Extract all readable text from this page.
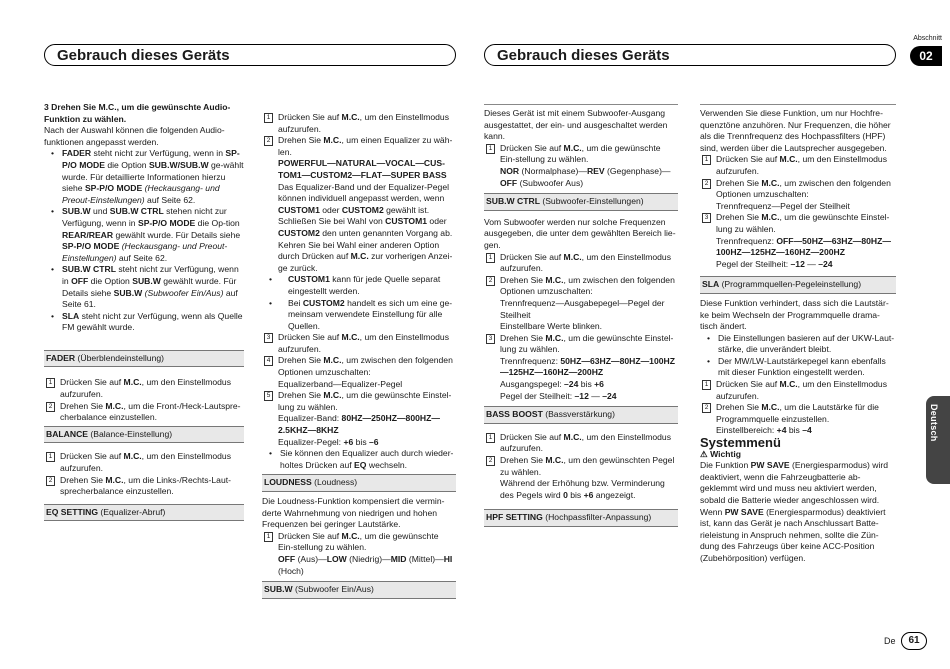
Gebrauch dieses Geräts	Gebrauch dieses Geräts
Abschnitt
02
Deutsch
De	61

3 Drehen Sie M.C., um die gewünschte Audio-Funktion zu wählen.

Nach der Auswahl können die folgenden Audio-funktionen angepasst werden.

• FADER steht nicht zur Verfügung, wenn in SP-P/O MODE die Option SUB.W/SUB.W ge-wählt wurde. Für detaillierte Informationen hierzu siehe SP-P/O MODE (Heckausgang- und Preout-Einstellungen) auf Seite 62.

• SUB.W und SUB.W CTRL stehen nicht zur Verfügung, wenn in SP-P/O MODE die Op-tion REAR/REAR gewählt wurde. Für Details siehe SP-P/O MODE (Heckausgang- und Preout-Einstellungen) auf Seite 62.

• SUB.W CTRL steht nicht zur Verfügung, wenn in OFF die Option SUB.W gewählt wurde. Für Details siehe SUB.W (Subwoofer Ein/Aus) auf Seite 61.

• SLA steht nicht zur Verfügung, wenn als Quelle FM gewählt wurde.

FADER (Überblendeinstellung)

1 Drücken Sie auf M.C., um den Einstellmodus aufzurufen.

2 Drehen Sie M.C., um die Front-/Heck-Lautspre-cherbalance einzustellen.

BALANCE (Balance-Einstellung)

1 Drücken Sie auf M.C., um den Einstellmodus aufzurufen.

2 Drehen Sie M.C., um die Links-/Rechts-Laut-sprecherbalance einzustellen.

EQ SETTING (Equalizer-Abruf)

1 Drücken Sie auf M.C., um den Einstellmodus aufzurufen.

2 Drehen Sie M.C., um einen Equalizer zu wäh-len.

POWERFUL—NATURAL—VOCAL—CUS-TOM1—CUSTOM2—FLAT—SUPER BASS

Das Equalizer-Band und der Equalizer-Pegel können individuell angepasst werden, wenn CUSTOM1 oder CUSTOM2 gewählt ist. Schließen Sie bei Wahl von CUSTOM1 oder CUSTOM2 den unten genannten Vorgang ab. Kehren Sie bei Wahl einer anderen Option durch Drücken auf M.C. zur vorherigen Anzei-ge zurück.

• CUSTOM1 kann für jede Quelle separat eingestellt werden.

• Bei CUSTOM2 handelt es sich um eine ge-meinsam verwendete Einstellung für alle Quellen.

3 Drücken Sie auf M.C., um den Einstellmodus aufzurufen.

4 Drehen Sie M.C., um zwischen den folgenden Optionen umzuschalten:

Equalizerband—Equalizer-Pegel

5 Drehen Sie M.C., um die gewünschte Einstel-lung zu wählen.

Equalizer-Band: 80HZ—250HZ—800HZ—2.5KHZ—8KHZ

Equalizer-Pegel: +6 bis –6

• Sie können den Equalizer auch durch wieder-holtes Drücken auf EQ wechseln.

LOUDNESS (Loudness)

Die Loudness-Funktion kompensiert die vermin-derte Wahrnehmung von niedrigen und hohen Frequenzen bei geringer Lautstärke.

1 Drücken Sie auf M.C., um die gewünschte Ein-stellung zu wählen.

OFF (Aus)—LOW (Niedrig)—MID (Mittel)—HI (Hoch)

SUB.W (Subwoofer Ein/Aus)

Dieses Gerät ist mit einem Subwoofer-Ausgang ausgestattet, der ein- und ausgeschaltet werden kann.

1 Drücken Sie auf M.C., um die gewünschte Ein-stellung zu wählen.

NOR (Normalphase)—REV (Gegenphase)—OFF (Subwoofer Aus)

SUB.W CTRL (Subwoofer-Einstellungen)

Vom Subwoofer werden nur solche Frequenzen ausgegeben, die unter dem gewählten Bereich lie-gen.

1 Drücken Sie auf M.C., um den Einstellmodus aufzurufen.

2 Drehen Sie M.C., um zwischen den folgenden Optionen umzuschalten:

Trennfrequenz—Ausgabepegel—Pegel der Steilheit

Einstellbare Werte blinken.

3 Drehen Sie M.C., um die gewünschte Einstel-lung zu wählen.

Trennfrequenz: 50HZ—63HZ—80HZ—100HZ—125HZ—160HZ—200HZ

Ausgangspegel: –24 bis +6

Pegel der Steilheit: –12 — –24

BASS BOOST (Bassverstärkung)

1 Drücken Sie auf M.C., um den Einstellmodus aufzurufen.

2 Drehen Sie M.C., um den gewünschten Pegel zu wählen.

Während der Erhöhung bzw. Verminderung des Pegels wird 0 bis +6 angezeigt.

HPF SETTING (Hochpassfilter-Anpassung)

Verwenden Sie diese Funktion, um nur Hochfre-quenztöne anzuhören. Nur Frequenzen, die höher als die Trennfrequenz des Hochpassfilters (HPF) sind, werden über die Lautsprecher ausgegeben.

1 Drücken Sie auf M.C., um den Einstellmodus aufzurufen.

2 Drehen Sie M.C., um zwischen den folgenden Optionen umzuschalten:

Trennfrequenz—Pegel der Steilheit

3 Drehen Sie M.C., um die gewünschte Einstel-lung zu wählen.

Trennfrequenz: OFF—50HZ—63HZ—80HZ—100HZ—125HZ—160HZ—200HZ

Pegel der Steilheit: –12 — –24

SLA (Programmquellen-Pegeleinstellung)

Diese Funktion verhindert, dass sich die Lautstär-ke beim Wechseln der Programmquelle drama-tisch ändert.

• Die Einstellungen basieren auf der UKW-Laut-stärke, die unverändert bleibt.

• Der MW/LW-Lautstärkepegel kann ebenfalls mit dieser Funktion eingestellt werden.

1 Drücken Sie auf M.C., um den Einstellmodus aufzurufen.

2 Drehen Sie M.C., um die Lautstärke für die Programmquelle einzustellen.

Einstellbereich: +4 bis –4

Systemmenü

⚠︎ Wichtig

Die Funktion PW SAVE (Energiesparmodus) wird deaktiviert, wenn die Fahrzeugbatterie ab-geklemmt wird und muss neu aktiviert werden, sobald die Batterie wieder angeschlossen wird. Wenn PW SAVE (Energiesparmodus) deaktiviert ist, kann das Gerät je nach Anschlussart Batte-rieleistung in Anspruch nehmen, sollte die Zün-dung des Fahrzeugs über keine ACC-Position (Zubehörposition) verfügen.
